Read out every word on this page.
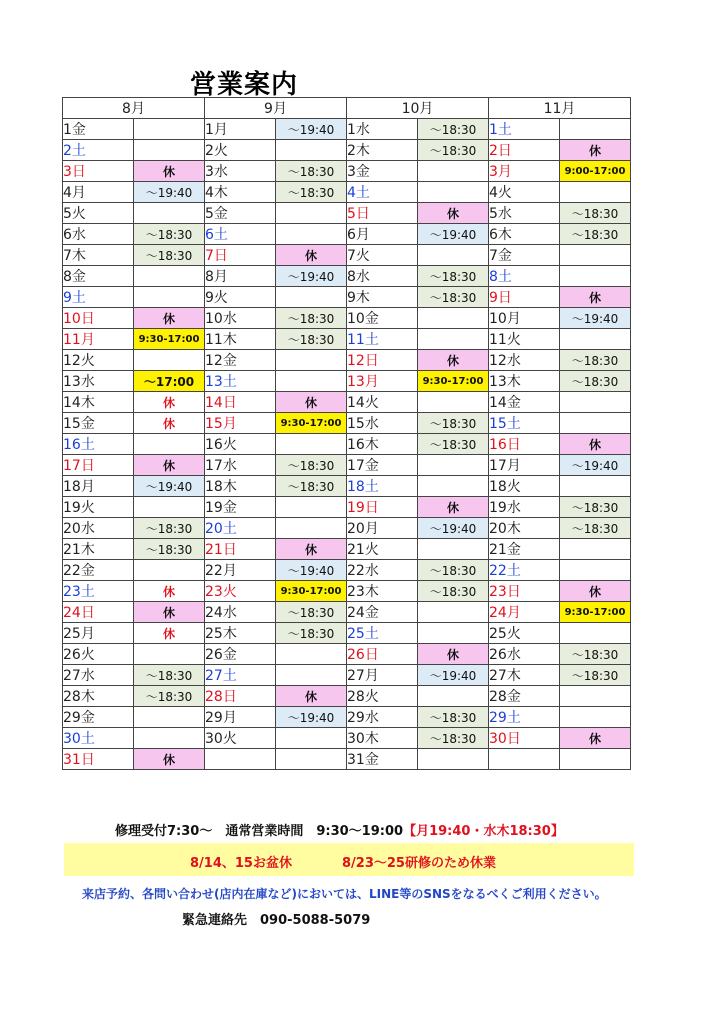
営業案内
8月		9月		10月		11月	
1金		1月	～19:40	1水	～18:30	1土	
2土		2火		2木	～18:30	2日	休
3日	休	3水	～18:30	3金		3月	9:00-17:00
4月	～19:40	4木	～18:30	4土		4火	
5火		5金		5日	休	5水	～18:30
6水	～18:30	6土		6月	～19:40	6木	～18:30
7木	～18:30	7日	休	7火		7金	
8金		8月	～19:40	8水	～18:30	8土	
9土		9火		9木	～18:30	9日	休
10日	休	10水	～18:30	10金		10月	～19:40
11月	9:30-17:00	11木	～18:30	11土		11火	
12火		12金		12日	休	12水	～18:30
13水	～17:00	13土		13月	9:30-17:00	13木	～18:30
14木	休	14日	休	14火		14金	
15金	休	15月	9:30-17:00	15水	～18:30	15土	
16土		16火		16木	～18:30	16日	休
17日	休	17水	～18:30	17金		17月	～19:40
18月	～19:40	18木	～18:30	18土		18火	
19火		19金		19日	休	19水	～18:30
20水	～18:30	20土		20月	～19:40	20木	～18:30
21木	～18:30	21日	休	21火		21金	
22金		22月	～19:40	22水	～18:30	22土	
23土	休	23火	9:30-17:00	23木	～18:30	23日	休
24日	休	24水	～18:30	24金		24月	9:30-17:00
25月	休	25木	～18:30	25土		25火	
26火		26金		26日	休	26水	～18:30
27水	～18:30	27土		27月	～19:40	27木	～18:30
28木	～18:30	28日	休	28火		28金	
29金		29月	～19:40	29水	～18:30	29土	
30土		30火		30木	～18:30	30日	休
31日	休			31金			
修理受付7:30～　通常営業時間　9:30～19:00【月19:40・水木18:30】
8/14、15お盆休	8/23～25研修のため休業
来店予約、各問い合わせ(店内在庫など)においては、LINE等のSNSをなるべくご利用ください。
緊急連絡先　090-5088-5079
